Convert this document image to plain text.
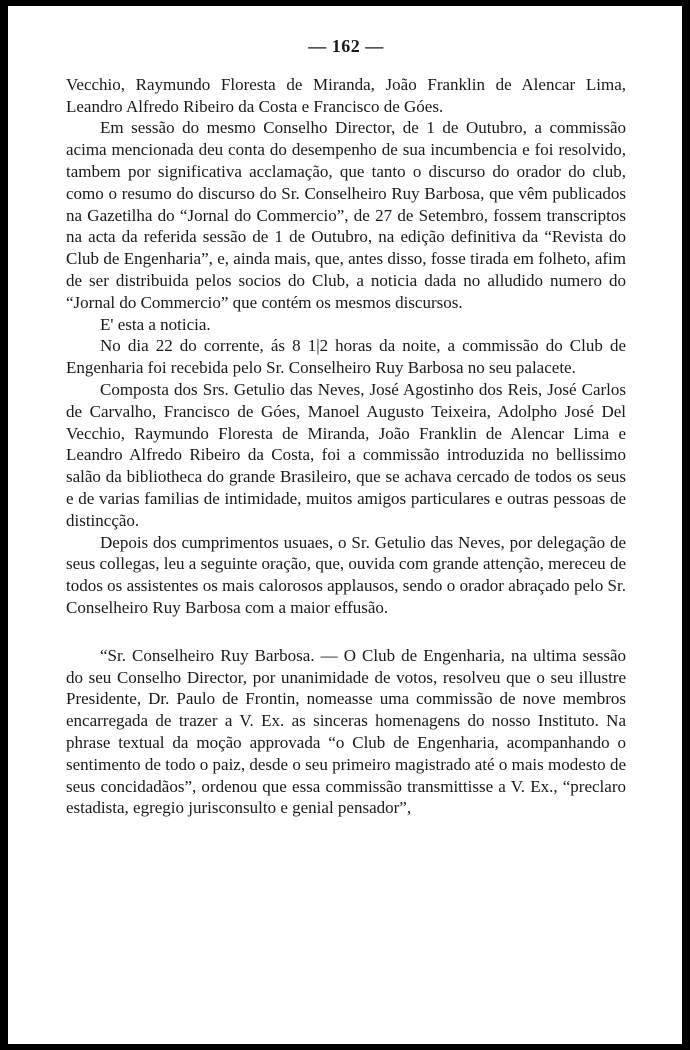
— 162 —

Vecchio, Raymundo Floresta de Miranda, João Franklin de Alencar Lima, Leandro Alfredo Ribeiro da Costa e Francisco de Góes.

Em sessão do mesmo Conselho Director, de 1 de Outubro, a commissão acima mencionada deu conta do desempenho de sua incumbencia e foi resolvido, tambem por significativa acclamação, que tanto o discurso do orador do club, como o resumo do discurso do Sr. Conselheiro Ruy Barbosa, que vêm publicados na Gazetilha do “Jornal do Commercio”, de 27 de Setembro, fossem transcriptos na acta da referida sessão de 1 de Outubro, na edição definitiva da “Revista do Club de Engenharia”, e, ainda mais, que, antes disso, fosse tirada em folheto, afim de ser distribuida pelos socios do Club, a noticia dada no alludido numero do “Jornal do Commercio” que contém os mesmos discursos.

E' esta a noticia.

No dia 22 do corrente, ás 8 1|2 horas da noite, a commissão do Club de Engenharia foi recebida pelo Sr. Conselheiro Ruy Barbosa no seu palacete.

Composta dos Srs. Getulio das Neves, José Agostinho dos Reis, José Carlos de Carvalho, Francisco de Góes, Manoel Augusto Teixeira, Adolpho José Del Vecchio, Raymundo Floresta de Miranda, João Franklin de Alencar Lima e Leandro Alfredo Ribeiro da Costa, foi a commissão introduzida no bellissimo salão da bibliotheca do grande Brasileiro, que se achava cercado de todos os seus e de varias familias de intimidade, muitos amigos particulares e outras pessoas de distincção.

Depois dos cumprimentos usuaes, o Sr. Getulio das Neves, por delegação de seus collegas, leu a seguinte oração, que, ouvida com grande attenção, mereceu de todos os assistentes os mais calorosos applausos, sendo o orador abraçado pelo Sr. Conselheiro Ruy Barbosa com a maior effusão.

“Sr. Conselheiro Ruy Barbosa. — O Club de Engenharia, na ultima sessão do seu Conselho Director, por unanimidade de votos, resolveu que o seu illustre Presidente, Dr. Paulo de Frontin, nomeasse uma commissão de nove membros encarregada de trazer a V. Ex. as sinceras homenagens do nosso Instituto. Na phrase textual da moção approvada “o Club de Engenharia, acompanhando o sentimento de todo o paiz, desde o seu primeiro magistrado até o mais modesto de seus concidadãos”, ordenou que essa commissão transmittisse a V. Ex., “preclaro estadista, egregio jurisconsulto e genial pensador”,
